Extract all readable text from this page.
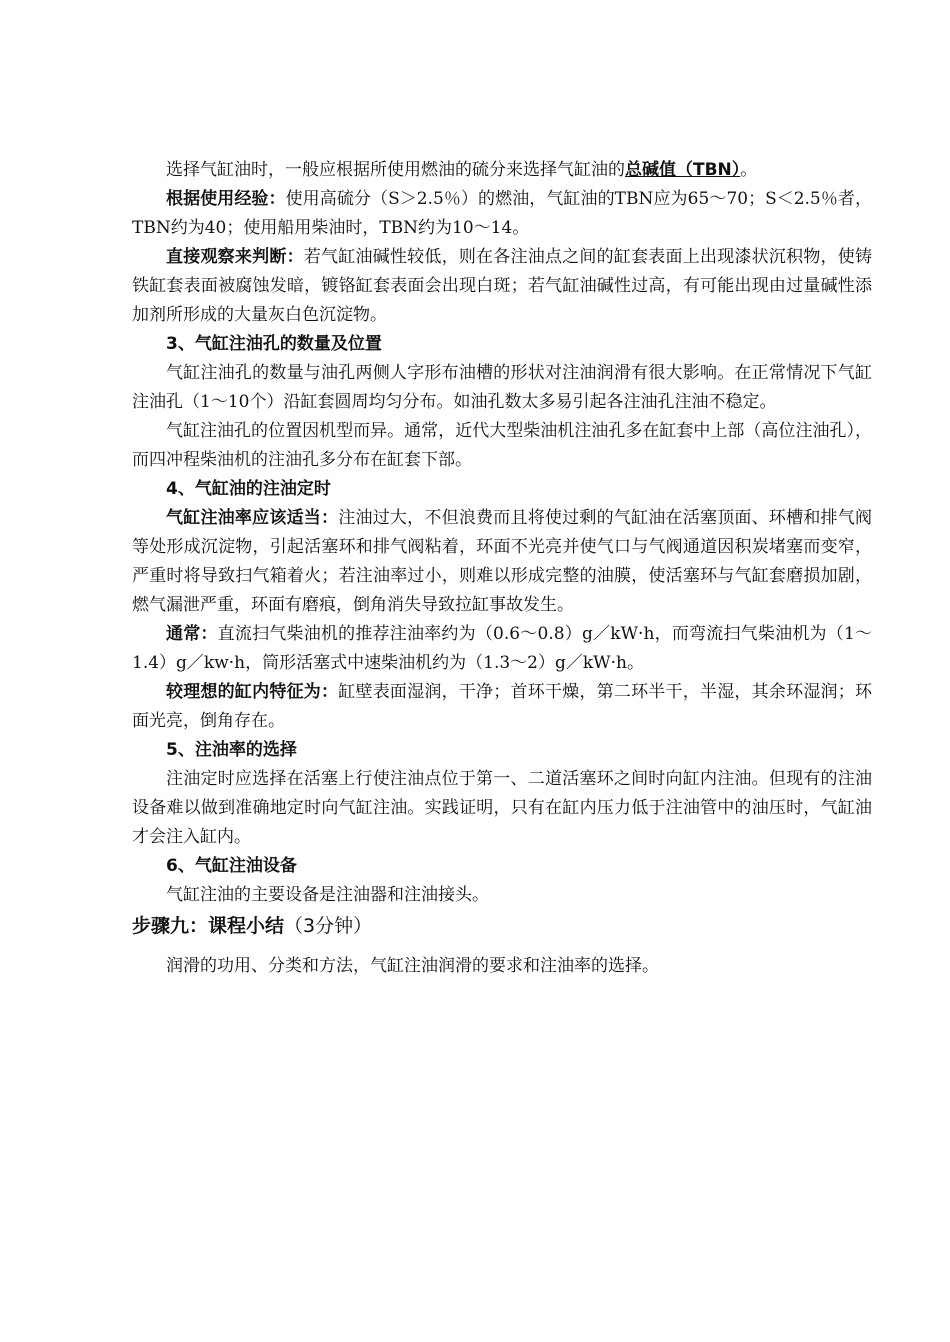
选择气缸油时，一般应根据所使用燃油的硫分来选择气缸油的总碱值（TBN）。

根据使用经验：使用高硫分（S＞2.5％）的燃油，气缸油的TBN应为65～70；S＜2.5％者，TBN约为40；使用船用柴油时，TBN约为10～14。

直接观察来判断：若气缸油碱性较低，则在各注油点之间的缸套表面上出现漆状沉积物，使铸铁缸套表面被腐蚀发暗，镀铬缸套表面会出现白斑；若气缸油碱性过高，有可能出现由过量碱性添加剂所形成的大量灰白色沉淀物。

3、气缸注油孔的数量及位置

气缸注油孔的数量与油孔两侧人字形布油槽的形状对注油润滑有很大影响。在正常情况下气缸注油孔（1～10个）沿缸套圆周均匀分布。如油孔数太多易引起各注油孔注油不稳定。

气缸注油孔的位置因机型而异。通常，近代大型柴油机注油孔多在缸套中上部（高位注油孔），而四冲程柴油机的注油孔多分布在缸套下部。

4、气缸油的注油定时

气缸注油率应该适当：注油过大，不但浪费而且将使过剩的气缸油在活塞顶面、环槽和排气阀等处形成沉淀物，引起活塞环和排气阀粘着，环面不光亮并使气口与气阀通道因积炭堵塞而变窄，严重时将导致扫气箱着火；若注油率过小，则难以形成完整的油膜，使活塞环与气缸套磨损加剧，燃气漏泄严重，环面有磨痕，倒角消失导致拉缸事故发生。

通常：直流扫气柴油机的推荐注油率约为（0.6～0.8）g／kW·h，而弯流扫气柴油机为（1～1.4）g／kw·h，筒形活塞式中速柴油机约为（1.3～2）g／kW·h。

较理想的缸内特征为：缸壁表面湿润，干净；首环干燥，第二环半干，半湿，其余环湿润；环面光亮，倒角存在。

5、注油率的选择

注油定时应选择在活塞上行使注油点位于第一、二道活塞环之间时向缸内注油。但现有的注油设备难以做到准确地定时向气缸注油。实践证明，只有在缸内压力低于注油管中的油压时，气缸油才会注入缸内。

6、气缸注油设备

气缸注油的主要设备是注油器和注油接头。

步骤九：课程小结（3分钟）

润滑的功用、分类和方法，气缸注油润滑的要求和注油率的选择。
